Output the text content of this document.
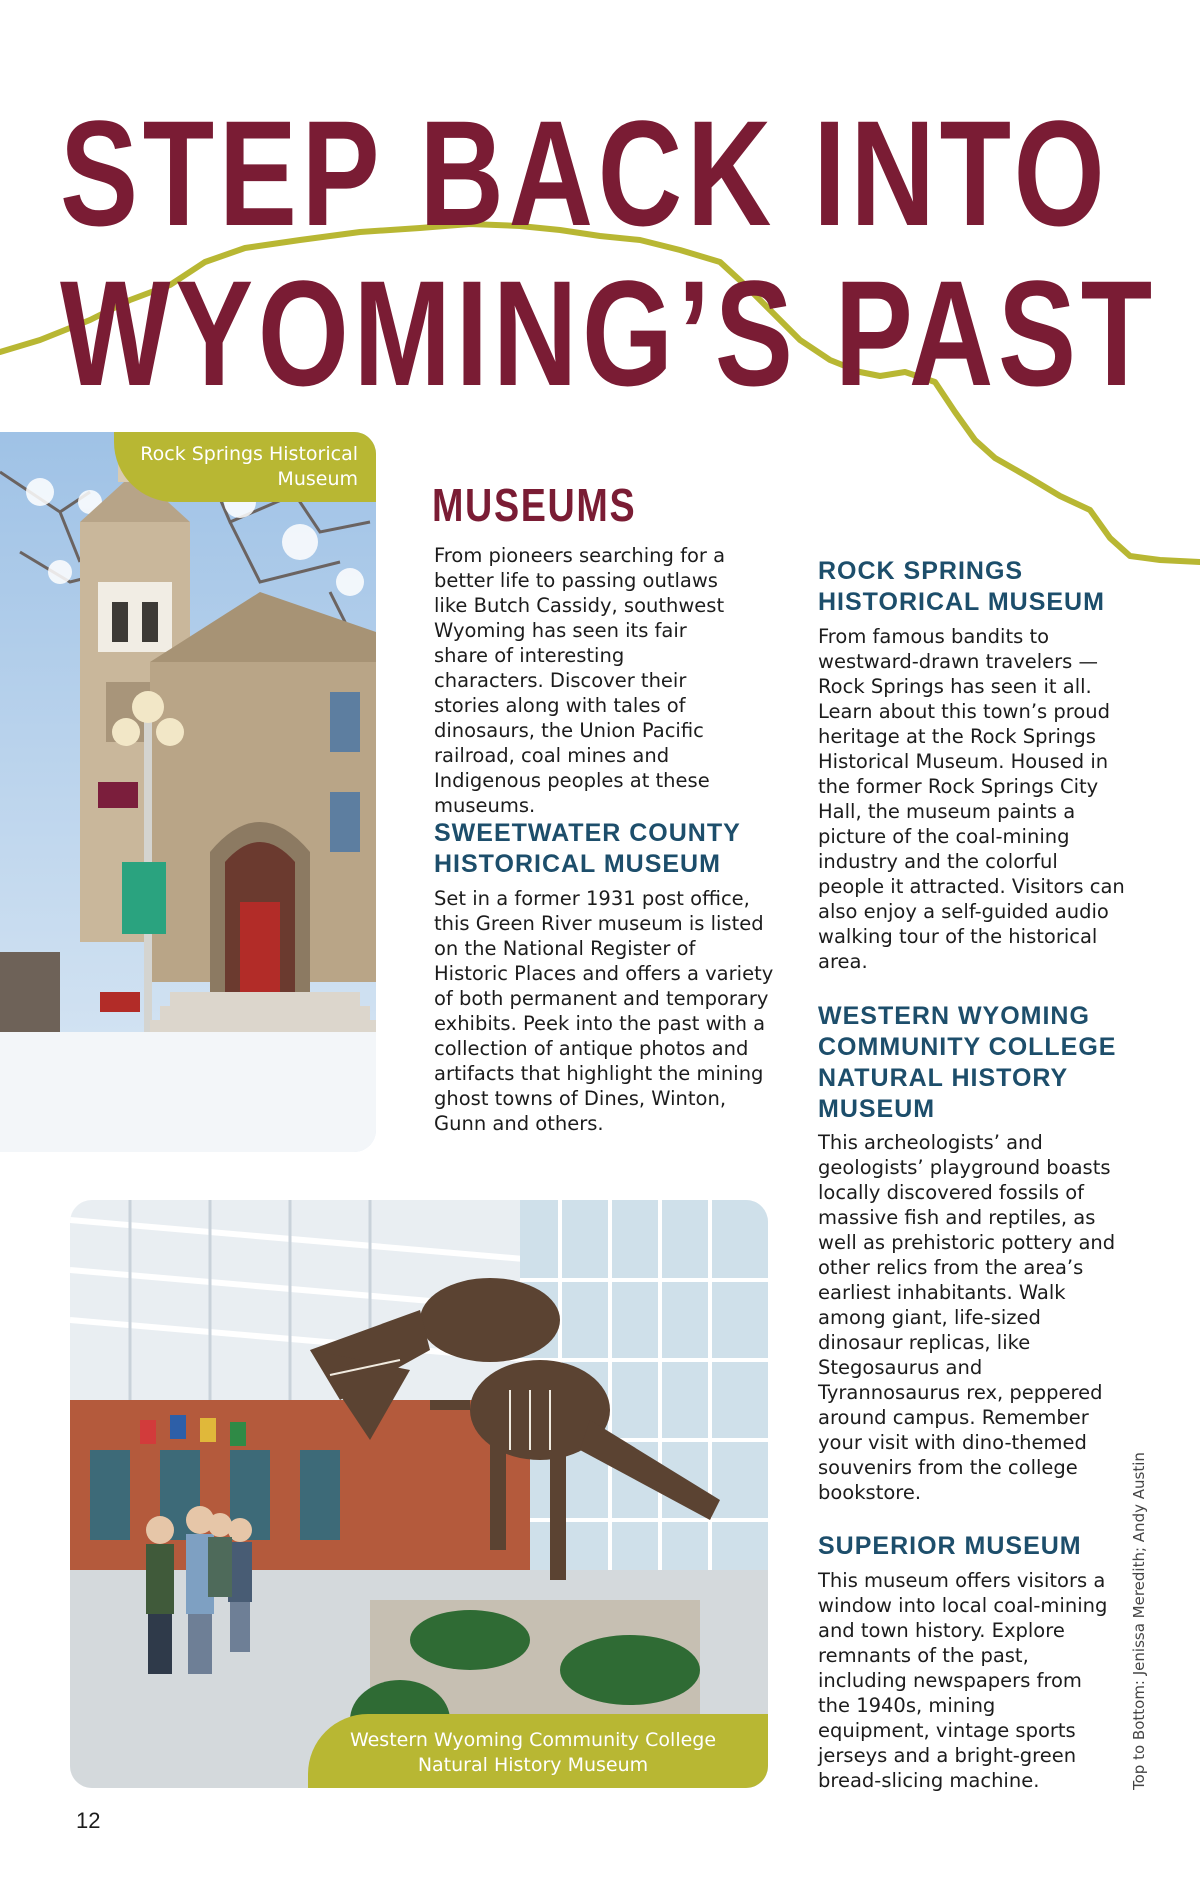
STEP BACK INTO
WYOMING’S PAST
Rock Springs Historical Museum
Western Wyoming Community College Natural History Museum
MUSEUMS
From pioneers searching for a better life to passing outlaws like Butch Cassidy, southwest Wyoming has seen its fair share of interesting characters. Discover their stories along with tales of dinosaurs, the Union Pacific railroad, coal mines and Indigenous peoples at these museums.
SWEETWATER COUNTY HISTORICAL MUSEUM
Set in a former 1931 post office, this Green River museum is listed on the National Register of Historic Places and offers a variety of both permanent and temporary exhibits. Peek into the past with a collection of antique photos and artifacts that highlight the mining ghost towns of Dines, Winton, Gunn and others.
ROCK SPRINGS HISTORICAL MUSEUM
From famous bandits to westward-drawn travelers — Rock Springs has seen it all. Learn about this town’s proud heritage at the Rock Springs Historical Museum. Housed in the former Rock Springs City Hall, the museum paints a picture of the coal-mining industry and the colorful people it attracted. Visitors can also enjoy a self-guided audio walking tour of the historical area.
WESTERN WYOMING COMMUNITY COLLEGE NATURAL HISTORY MUSEUM
This archeologists’ and geologists’ playground boasts locally discovered fossils of massive fish and reptiles, as well as prehistoric pottery and other relics from the area’s earliest inhabitants. Walk among giant, life-sized dinosaur replicas, like Stegosaurus and Tyrannosaurus rex, peppered around campus. Remember your visit with dino-themed souvenirs from the college bookstore.
SUPERIOR MUSEUM
This museum offers visitors a window into local coal-mining and town history. Explore remnants of the past, including newspapers from the 1940s, mining equipment, vintage sports jerseys and a bright-green bread-slicing machine.
12
Top to Bottom: Jenissa Meredith; Andy Austin
